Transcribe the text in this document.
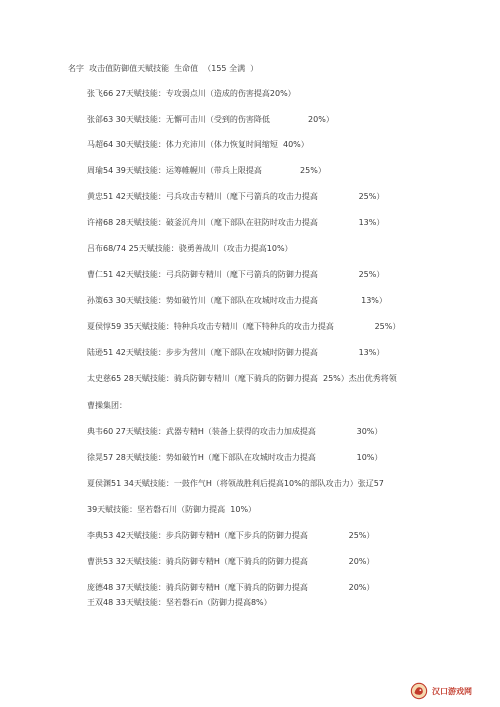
名字  攻击值防御值天赋技能  生命值  （155 全满  ）
张飞66 27天赋技能：专攻弱点川（造成的伤害提高20%）
张郃63 30天赋技能：无懈可击川（受到的伤害降低               20%）
马超64 30天赋技能：体力充沛川（体力恢复时间缩短  40%）
周瑜54 39天赋技能：运筹帷幄川（带兵上限提高               25%）
黄忠51 42天赋技能：弓兵攻击专精川（麾下弓箭兵的攻击力提高                25%）
许褚68 28天赋技能：破釜沉舟川（麾下部队在驻防时攻击力提高                13%）
吕布68/74 25天赋技能：骁勇善战川（攻击力提高10%）
曹仁51 42天赋技能：弓兵防御专精川（麾下弓箭兵的防御力提高                25%）
孙策63 30天赋技能：势如破竹川（麾下部队在攻城时攻击力提高                 13%）
夏侯惇59 35天赋技能：特种兵攻击专精川（麾下特种兵的攻击力提高                25%）
陆逊51 42天赋技能：步步为营川（麾下部队在攻城时防御力提高                13%）
太史慈65 28天赋技能：骑兵防御专精川（麾下骑兵的防御力提高  25%）杰出优秀将领
曹操集团：
典韦60 27天赋技能：武器专精H（装备上获得的攻击力加成提高                30%）
徐晃57 28天赋技能：势如破竹H（麾下部队在攻城时攻击力提高                10%）
夏侯渊51 34天赋技能：一鼓作气H（将领战胜利后提高10%的部队攻击力）张辽57
39天赋技能：坚若磐石川（防御力提高  10%）
李典53 42天赋技能：步兵防御专精H（麾下步兵的防御力提高                25%）
曹洪53 32天赋技能：骑兵防御专精H（麾下骑兵的防御力提高                20%）
庞德48 37天赋技能：骑兵防御专精H（麾下骑兵的防御力提高                20%）
王双48 33天赋技能：坚若磐石n（防御力提高8%）
汉口游戏网
